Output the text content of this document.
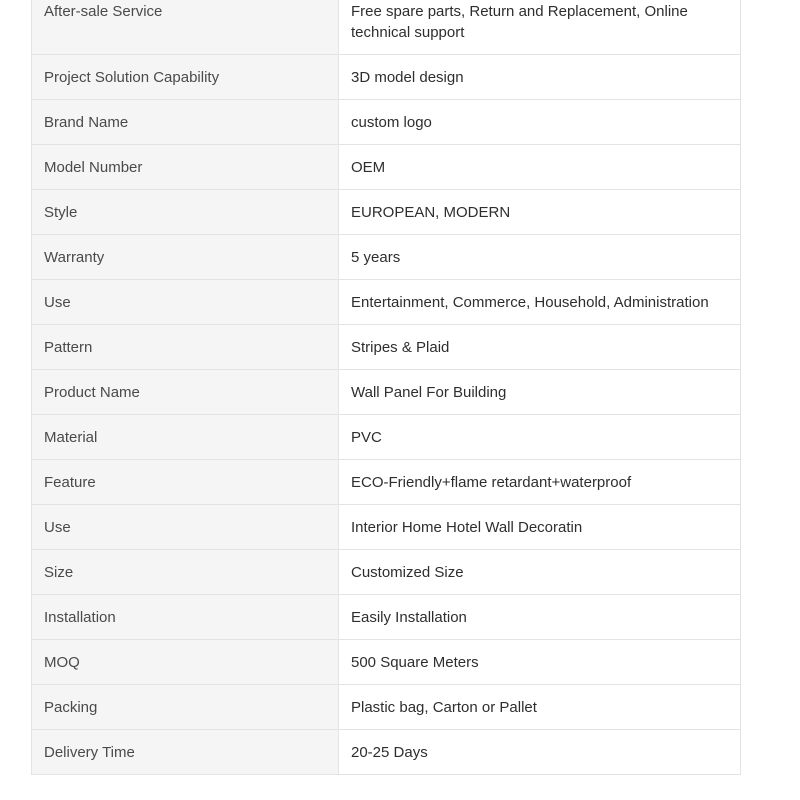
After-sale Service	Free spare parts, Return and Replacement, Online technical support

Project Solution Capability	3D model design

Brand Name	custom logo

Model Number	OEM

Style	EUROPEAN, MODERN

Warranty	5 years

Use	Entertainment, Commerce, Household, Administration

Pattern	Stripes & Plaid

Product Name	Wall Panel For Building

Material	PVC

Feature	ECO-Friendly+flame retardant+waterproof

Use	Interior Home Hotel Wall Decoratin

Size	Customized Size

Installation	Easily Installation

MOQ	500 Square Meters

Packing	Plastic bag, Carton or Pallet

Delivery Time	20-25 Days
